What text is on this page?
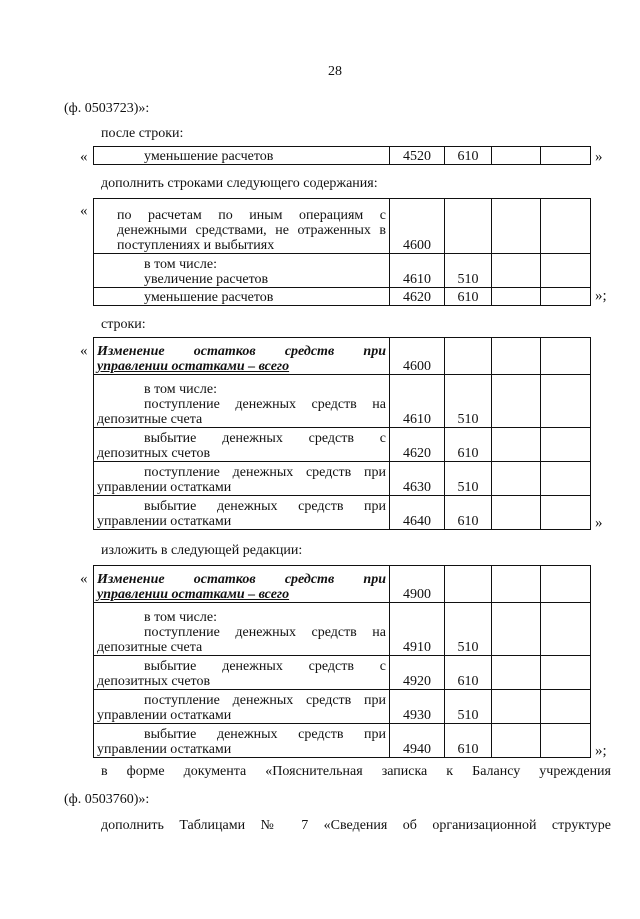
28
(ф. 0503723)»:
после строки:
«	уменьшение расчетов	4520	610			»
дополнить строками следующего содержания:
«	по расчетам по иным операциям с денежными средствами, не отраженных в поступлениях и выбытиях	4600			

в том числе:
увеличение расчетов	4610	510		

уменьшение расчетов	4620	610			»;
строки:
« Изменение остатков средств при
управлении остатками – всего	4600			

в том числе:
поступление денежных средств на
депозитные счета	4610	510		

выбытие денежных средств с
депозитных счетов	4620	610		

поступление денежных средств при
управлении остатками	4630	510		

выбытие денежных средств при
управлении остатками	4640	610			»
изложить в следующей редакции:
« Изменение остатков средств при
управлении остатками – всего	4900			

в том числе:
поступление денежных средств на
депозитные счета	4910	510		

выбытие денежных средств с
депозитных счетов	4920	610		

поступление денежных средств при
управлении остатками	4930	510		

выбытие денежных средств при
управлении остатками	4940	610			»;
в форме документа «Пояснительная записка к Балансу учреждения
(ф. 0503760)»:
дополнить Таблицами № 7 «Сведения об организационной структуре
